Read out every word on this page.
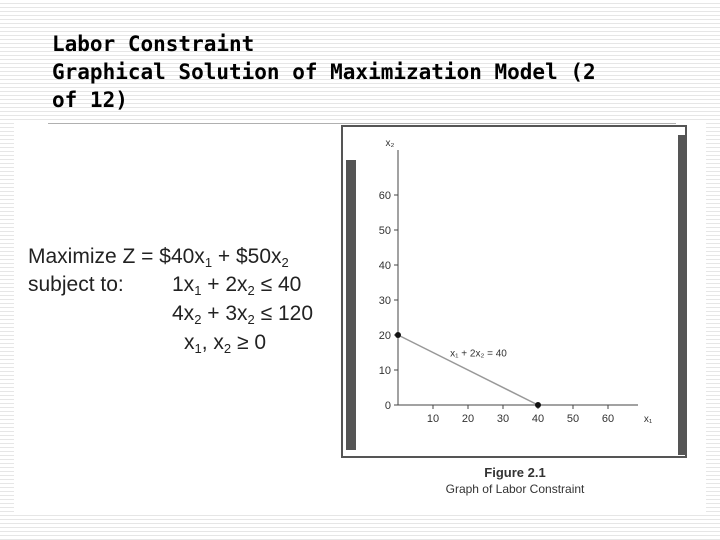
Labor Constraint
Graphical Solution of Maximization Model (2
of 12)
Maximize $Z = \$40x_1$ + $\$50x_2$
subject to: $1x_1 + 2x_2 \le 40$
$4x_2 + 3x_2 \le 120$
$x_1$, $x_2 \ge 0$
0
10
20
30
40
50
60
10 20 30 40 50 60
x₂
x₁
x₁ + 2x₂ = 40
Figure 2.1
Graph of Labor Constraint
